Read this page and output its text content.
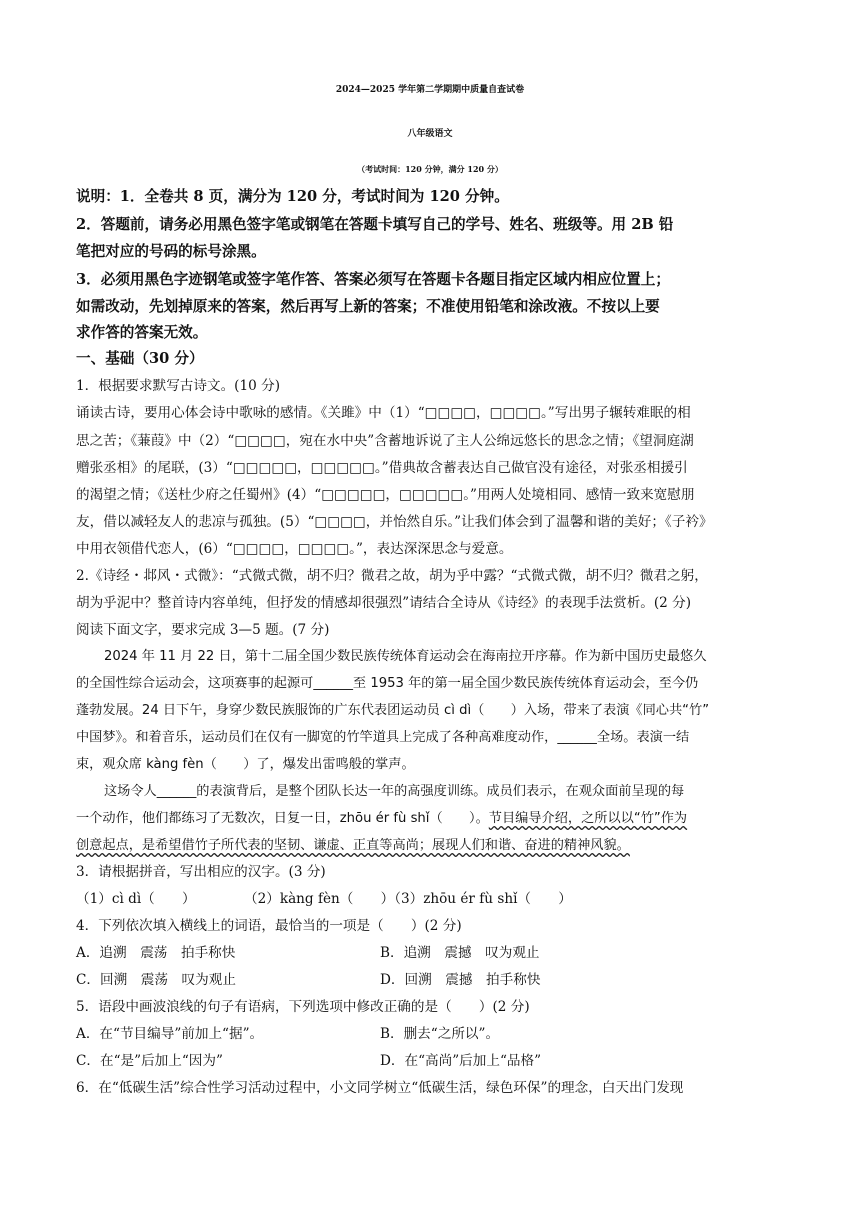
2024—2025 学年第二学期期中质量自查试卷
八年级语文
（考试时间：120 分钟，满分 120 分）
说明：1．全卷共 8 页，满分为 120 分，考试时间为 120 分钟。
2．答题前，请务必用黑色签字笔或钢笔在答题卡填写自己的学号、姓名、班级等。用 2B 铅
笔把对应的号码的标号涂黑。
3．必须用黑色字迹钢笔或签字笔作答、答案必须写在答题卡各题目指定区域内相应位置上；
如需改动，先划掉原来的答案，然后再写上新的答案；不准使用铅笔和涂改液。不按以上要
求作答的答案无效。
一、基础（30 分）
1．根据要求默写古诗文。(10 分)
诵读古诗，要用心体会诗中歌咏的感情。《关雎》中（1）“□□□□，□□□□。”写出男子辗转难眠的相
思之苦；《蒹葭》中（2）“□□□□，宛在水中央”含蓄地诉说了主人公绵远悠长的思念之情；《望洞庭湖
赠张丞相》的尾联，(3）“□□□□□，□□□□□。”借典故含蓄表达自己做官没有途径，对张丞相援引
的渴望之情；《送杜少府之任蜀州》(4）“□□□□□，□□□□□。”用两人处境相同、感情一致来宽慰朋
友，借以减轻友人的悲凉与孤独。(5）“□□□□，并怡然自乐。”让我们体会到了温馨和谐的美好；《子衿》
中用衣领借代恋人，(6）“□□□□，□□□□。”，表达深深思念与爱意。
2.《诗经・邶风・式微》：“式微式微，胡不归？微君之故，胡为乎中露？“式微式微，胡不归？微君之躬，
胡为乎泥中？整首诗内容单纯，但抒发的情感却很强烈”请结合全诗从《诗经》的表现手法赏析。(2 分)
阅读下面文字，要求完成 3—5 题。(7 分)
2024 年 11 月 22 日，第十二届全国少数民族传统体育运动会在海南拉开序幕。作为新中国历史最悠久
的全国性综合运动会，这项赛事的起源可______至 1953 年的第一届全国少数民族传统体育运动会，至今仍
蓬勃发展。24 日下午，身穿少数民族服饰的广东代表团运动员 cì dì（　　）入场，带来了表演《同心共“竹”
中国梦》。和着音乐，运动员们在仅有一脚宽的竹竿道具上完成了各种高难度动作，______全场。表演一结
束，观众席 kàng fèn（　　）了，爆发出雷鸣般的掌声。
这场令人______的表演背后，是整个团队长达一年的高强度训练。成员们表示，在观众面前呈现的每
一个动作，他们都练习了无数次，日复一日，zhōu ér fù shǐ（　　）。节目编导介绍，之所以以“竹”作为
创意起点，是希望借竹子所代表的坚韧、谦虚、正直等高尚；展现人们和谐、奋进的精神风貌。
3．请根据拼音，写出相应的汉字。(3 分)
（1）cì dì（　　）	（2）kàng fèn（　　）（3）zhōu ér fù shǐ（　　）
4．下列依次填入横线上的词语，最恰当的一项是（　　）(2 分)
A．追溯　震荡　拍手称快	B．追溯　震撼　叹为观止
C．回溯　震荡　叹为观止	D．回溯　震撼　拍手称快
5．语段中画波浪线的句子有语病，下列选项中修改正确的是（　　）(2 分)
A．在“节目编导”前加上“据”。	B．删去“之所以”。
C．在“是”后加上“因为”	D．在“高尚”后加上“品格”
6．在“低碳生活”综合性学习活动过程中，小文同学树立“低碳生活，绿色环保”的理念，白天出门发现
